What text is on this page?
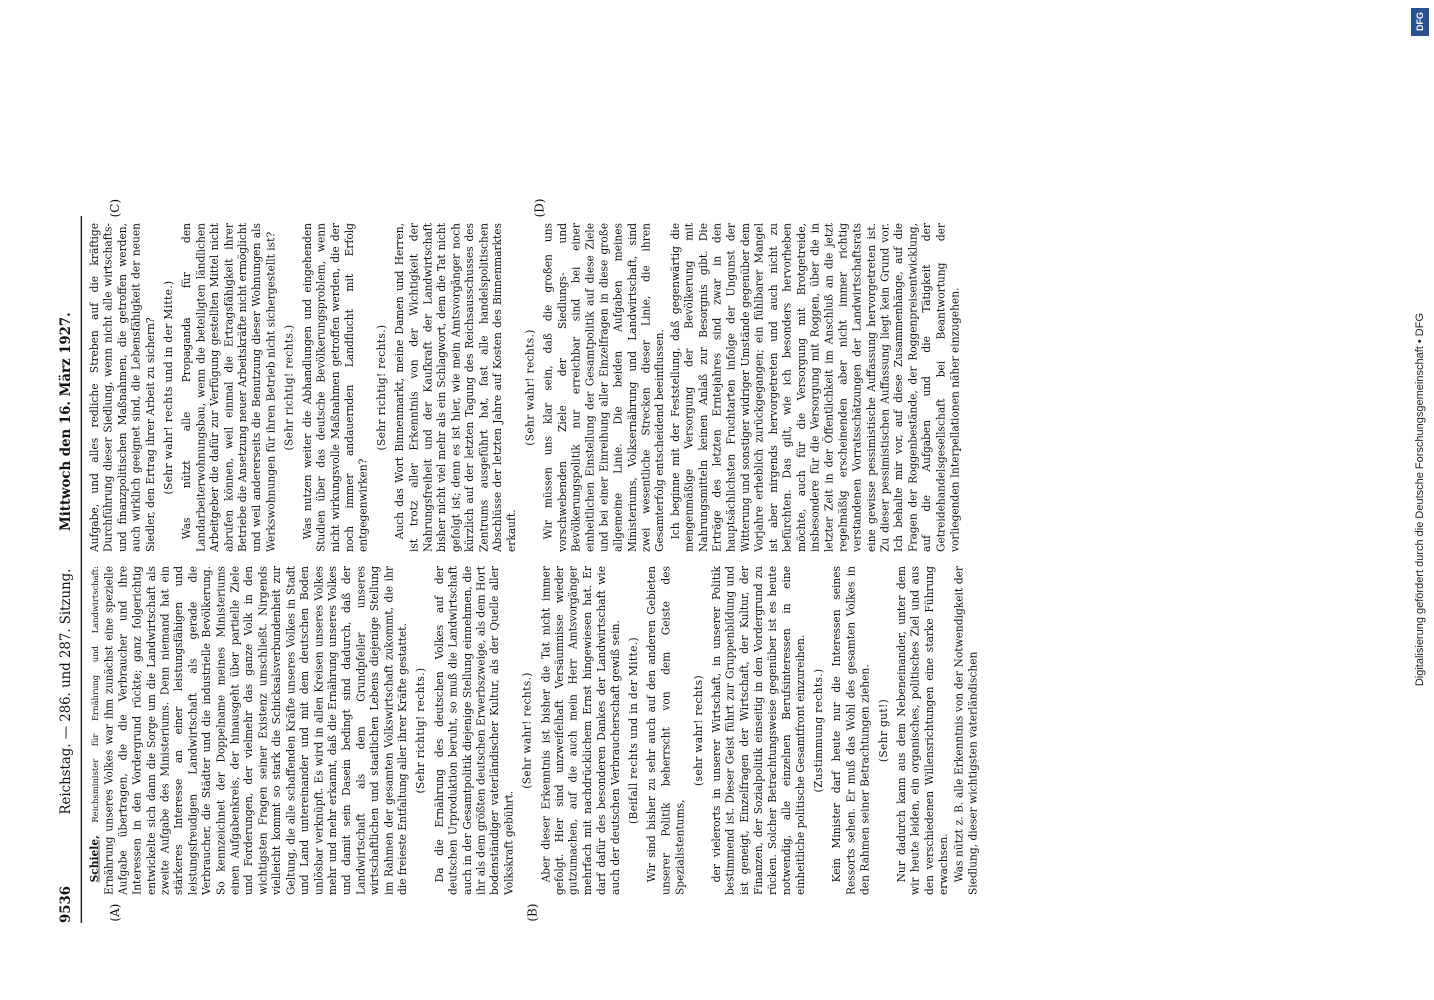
9536
Reichstag. — 286. und 287. Sitzung.
Mittwoch den 16. März 1927.
(A)	(B)
(C)	(D)

Schiele, Reichsminister für Ernährung und Landwirtschaft: Ernährung unseres Volkes war ihm zunächst eine spezielle Aufgabe übertragen, die die Verbraucher und ihre Interessen in den Vordergrund rückte; ganz folgerichtig entwickelte sich dann die Sorge um die Landwirtschaft als zweite Aufgabe des Ministeriums. Denn niemand hat ein stärkeres Interesse an einer leistungsfähigen und leistungsfreudigen Landwirtschaft als gerade die Verbraucher, die Städter und die industrielle Bevölkerung. So kennzeichnet der Doppelname meines Ministeriums einen Aufgabenkreis, der hinausgeht über partielle Ziele und Forderungen, der vielmehr das ganze Volk in den wichtigsten Fragen seiner Existenz umschließt. Nirgends vielleicht kommt so stark die Schicksalsverbundenheit zur Geltung, die alle schaffenden Kräfte unseres Volkes in Stadt und Land untereinander und mit dem deutschen Boden unlösbar verknüpft. Es wird in allen Kreisen unseres Volkes mehr und mehr erkannt, daß die Ernährung unseres Volkes und damit sein Dasein bedingt sind dadurch, daß der Landwirtschaft als dem Grundpfeiler unseres wirtschaftlichen und staatlichen Lebens diejenige Stellung im Rahmen der gesamten Volkswirtschaft zukommt, die ihr die freieste Entfaltung aller ihrer Kräfte gestattet. (Sehr richtig! rechts.) Da die Ernährung des deutschen Volkes auf der deutschen Urproduktion beruht, so muß die Landwirtschaft auch in der Gesamtpolitik diejenige Stellung einnehmen, die ihr als dem größten deutschen Erwerbszweige, als dem Hort bodenständiger vaterländischer Kultur, als der Quelle aller Volkskraft gebührt.

(Sehr wahr! rechts.) Aber dieser Erkenntnis ist bisher die Tat nicht immer gefolgt. Hier sind unzweifelhaft Versäumnisse wieder gutzumachen, auf die auch mein Herr Amtsvorgänger mehrfach mit nachdrücklichem Ernst hingewiesen hat. Er darf dafür des besonderen Dankes der Landwirtschaft wie auch der deutschen Verbraucherschaft gewiß sein. (Beifall rechts und in der Mitte.) Wir sind bisher zu sehr auch auf den anderen Gebieten unserer Politik beherrscht von dem Geiste des Spezialistentums,

(sehr wahr! rechts) der vielerorts in unserer Wirtschaft, in unserer Politik bestimmend ist. Dieser Geist führt zur Gruppenbildung und ist geneigt, Einzelfragen der Wirtschaft, der Kultur, der Finanzen, der Sozialpolitik einseitig in den Vordergrund zu rücken. Solcher Betrachtungsweise gegenüber ist es heute notwendig, alle einzelnen Berufsinteressen in eine einheitliche politische Gesamtfront einzureihen. (Zustimmung rechts.) Kein Minister darf heute nur die Interessen seines Ressorts sehen. Er muß das Wohl des gesamten Volkes in den Rahmen seiner Betrachtungen ziehen. (Sehr gut!) Nur dadurch kann aus dem Nebeneinander, unter dem wir heute leiden, ein organisches, politisches Ziel und aus den verschiedenen Willensrichtungen eine starke Führung erwachsen. Was nützt z. B. alle Erkenntnis von der Notwendigkeit der Siedlung, dieser wichtigsten vaterländischen

Aufgabe, und alles redliche Streben auf die kräftige Durchführung dieser Siedlung, wenn nicht alle wirtschafts- und finanzpolitischen Maßnahmen, die getroffen werden, auch wirklich geeignet sind, die Lebensfähigkeit der neuen Siedler, den Ertrag ihrer Arbeit zu sichern? (Sehr wahr! rechts und in der Mitte.) Was nützt alle Propaganda für den Landarbeiterwohnungsbau, wenn die beteiligten ländlichen Arbeitgeber die dafür zur Verfügung gestellten Mittel nicht abrufen können, weil einmal die Ertragsfähigkeit ihrer Betriebe die Ansetzung neuer Arbeitskräfte nicht ermöglicht und weil andererseits die Benutzung dieser Wohnungen als Werkswohnungen für ihren Betrieb nicht sichergestellt ist? (Sehr richtig! rechts.) Was nutzen weiter die Abhandlungen und eingehenden Studien über das deutsche Bevölkerungsproblem, wenn nicht wirkungsvolle Maßnahmen getroffen werden, die der noch immer andauernden Landflucht mit Erfolg entgegenwirken?

(Sehr richtig! rechts.) Auch das Wort Binnenmarkt, meine Damen und Herren, ist trotz aller Erkenntnis von der Wichtigkeit der Nahrungsfreiheit und der Kaufkraft der Landwirtschaft bisher nicht viel mehr als ein Schlagwort, dem die Tat nicht gefolgt ist; denn es ist hier, wie mein Amtsvorgänger noch kürzlich auf der letzten Tagung des Reichsausschusses des Zentrums ausgeführt hat, fast alle handelspolitischen Abschlüsse der letzten Jahre auf Kosten des Binnenmarktes erkauft.

(Sehr wahr! rechts.) Wir müssen uns klar sein, daß die großen uns vorschwebenden Ziele der Siedlungs- und Bevölkerungspolitik nur erreichbar sind bei einer einheitlichen Einstellung der Gesamtpolitik auf diese Ziele und bei einer Einreihung aller Einzelfragen in diese große allgemeine Linie. Die beiden Aufgaben meines Ministeriums, Volksernährung und Landwirtschaft, sind zwei wesentliche Strecken dieser Linie, die ihren Gesamterfolg entscheidend beeinflussen. Ich beginne mit der Feststellung, daß gegenwärtig die mengenmäßige Versorgung der Bevölkerung mit Nahrungsmitteln keinen Anlaß zur Besorgnis gibt. Die Erträge des letzten Erntejahres sind zwar in den hauptsächlichsten Fruchtarten infolge der Ungunst der Witterung und sonstiger widriger Umstände gegenüber dem Vorjahre erheblich zurückgegangen; ein fühlbarer Mangel ist aber nirgends hervorgetreten und auch nicht zu befürchten. Das gilt, wie ich besonders hervorheben möchte, auch für die Versorgung mit Brotgetreide, insbesondere für die Versorgung mit Roggen, über die in letzter Zeit in der Öffentlichkeit im Anschluß an die jetzt regelmäßig erscheinenden aber nicht immer richtig verstandenen Vorratsschätzungen der Landwirtschaftsrats eine gewisse pessimistische Auffassung hervorgetreten ist. Zu dieser pessimistischen Auffassung liegt kein Grund vor. Ich behalte mir vor, auf diese Zusammenhänge, auf die Fragen der Roggenbestände, der Roggenpreisentwicklung, auf die Aufgaben und die Tätigkeit der Getreidehandelsgesellschaft bei Beantwortung der vorliegenden Interpellationen näher einzugehen.	Digitalisierung gefördert durch die Deutsche Forschungsgemeinschaft • DFG
DFG
